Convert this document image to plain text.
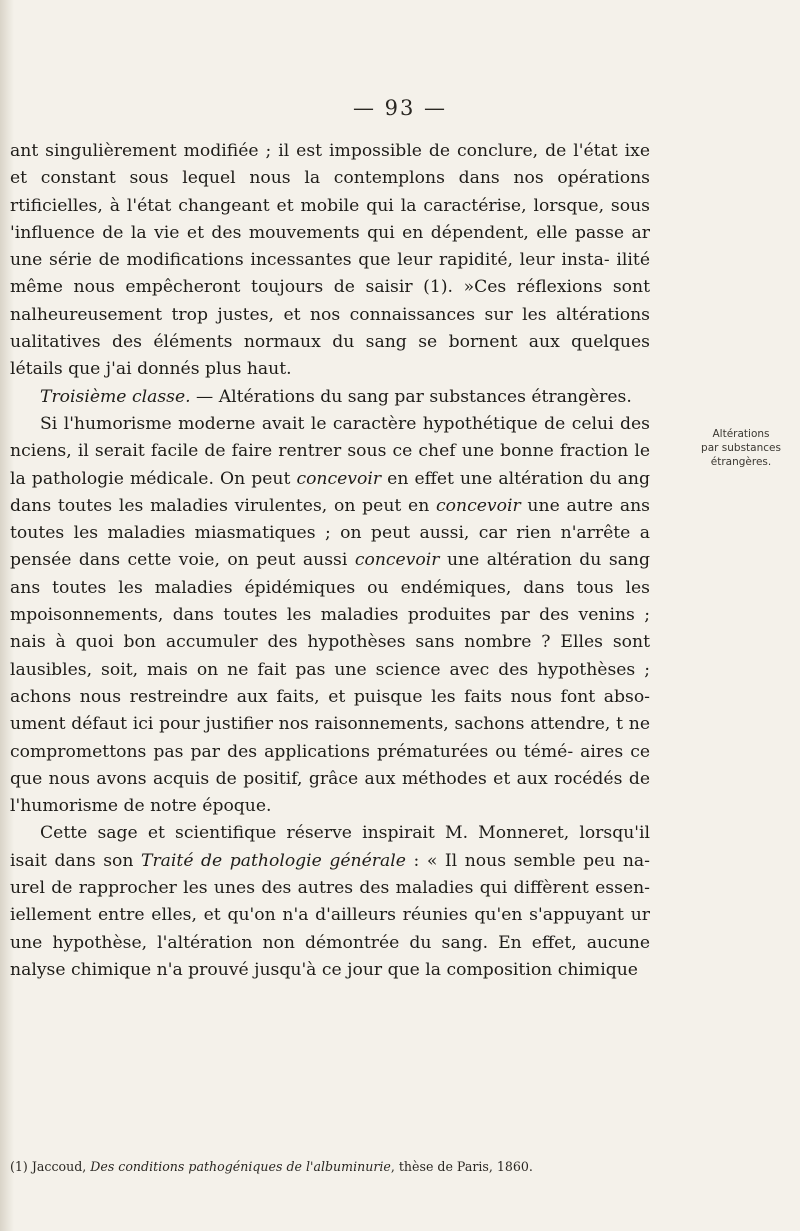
— 93 —

ant singulièrement modifiée ; il est impossible de conclure, de l'état ixe et constant sous lequel nous la contemplons dans nos opérations rtificielles, à l'état changeant et mobile qui la caractérise, lorsque, sous 'influence de la vie et des mouvements qui en dépendent, elle passe ar une série de modifications incessantes que leur rapidité, leur insta- ilité même nous empêcheront toujours de saisir (1). »Ces réflexions sont nalheureusement trop justes, et nos connaissances sur les altérations ualitatives des éléments normaux du sang se bornent aux quelques létails que j'ai donnés plus haut.

Troisième classe. — Altérations du sang par substances étrangères.

Si l'humorisme moderne avait le caractère hypothétique de celui des nciens, il serait facile de faire rentrer sous ce chef une bonne fraction le la pathologie médicale. On peut concevoir en effet une altération du ang dans toutes les maladies virulentes, on peut en concevoir une autre ans toutes les maladies miasmatiques ; on peut aussi, car rien n'arrête a pensée dans cette voie, on peut aussi concevoir une altération du sang ans toutes les maladies épidémiques ou endémiques, dans tous les mpoisonnements, dans toutes les maladies produites par des venins ; nais à quoi bon accumuler des hypothèses sans nombre ? Elles sont lausibles, soit, mais on ne fait pas une science avec des hypothèses ; achons nous restreindre aux faits, et puisque les faits nous font abso- ument défaut ici pour justifier nos raisonnements, sachons attendre, t ne compromettons pas par des applications prématurées ou témé- aires ce que nous avons acquis de positif, grâce aux méthodes et aux rocédés de l'humorisme de notre époque.

Cette sage et scientifique réserve inspirait M. Monneret, lorsqu'il isait dans son Traité de pathologie générale : « Il nous semble peu na- urel de rapprocher les unes des autres des maladies qui diffèrent essen- iellement entre elles, et qu'on n'a d'ailleurs réunies qu'en s'appuyant ur une hypothèse, l'altération non démontrée du sang. En effet, aucune nalyse chimique n'a prouvé jusqu'à ce jour que la composition chimique

Altérations
par substances
étrangères.
(1) Jaccoud, Des conditions pathogéniques de l'albuminurie, thèse de Paris, 1860.
